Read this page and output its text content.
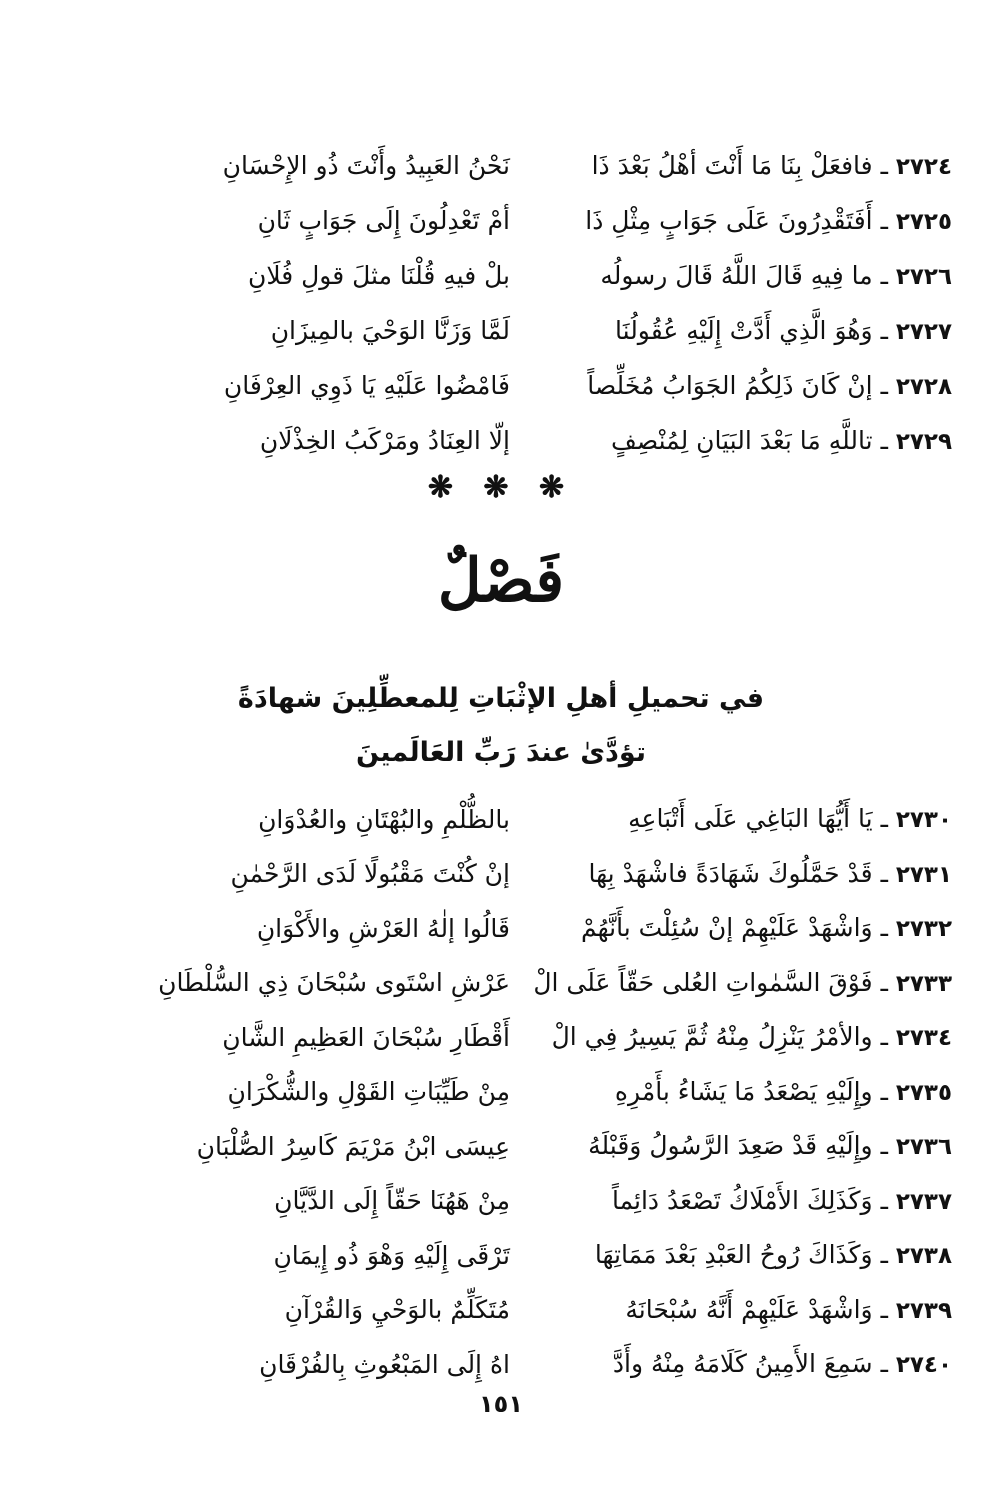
٢٧٢٤ ـ فافعَلْ بِنَا مَا أَنْتَ أهْلُ بَعْدَ ذَا
نَحْنُ العَبِيدُ وأَنْتَ ذُو الإِحْسَانِ
٢٧٢٥ ـ أَفَتَقْدِرُونَ عَلَى جَوَابٍ مِثْلِ ذَا
أمْ تَعْدِلُونَ إِلَى جَوَابٍ ثَانِ
٢٧٢٦ ـ ما فِيهِ قَالَ اللَّهُ قَالَ رسولُه
بلْ فيهِ قُلْنَا مثلَ قولِ فُلَانِ
٢٧٢٧ ـ وَهُوَ الَّذِي أَدَّتْ إِلَيْهِ عُقُولُنَا
لَمَّا وَزَنَّا الوَحْيَ بالمِيزَانِ
٢٧٢٨ ـ إنْ كَانَ ذَلِكُمُ الجَوَابُ مُخَلِّصاً
فَامْضُوا عَلَيْهِ يَا ذَوِي العِرْفَانِ
٢٧٢٩ ـ تاللَّهِ مَا بَعْدَ البَيَانِ لِمُنْصِفٍ
إلّا العِنَادُ ومَرْكَبُ الخِذْلَانِ
❋ ❋ ❋
فَصْلٌ
في تحميلِ أهلِ الإثْبَاتِ لِلمعطِّلِينَ شهادَةً
تؤدَّىٰ عندَ رَبِّ العَالَمينَ
٢٧٣٠ ـ يَا أَيُّهَا البَاغِي عَلَى أَتْبَاعِهِ
بالظُّلْمِ والبُهْتَانِ والعُدْوَانِ
٢٧٣١ ـ قَدْ حَمَّلُوكَ شَهَادَةً فاشْهَدْ بِهَا
إنْ كُنْتَ مَقْبُولًا لَدَى الرَّحْمٰنِ
٢٧٣٢ ـ وَاشْهَدْ عَلَيْهِمْ إنْ سُئِلْتَ بأَنَّهُمْ
قَالُوا إلٰهُ العَرْشِ والأَكْوَانِ
٢٧٣٣ ـ فَوْقَ السَّمٰواتِ العُلى حَقّاً عَلَى الْ
عَرْشِ اسْتَوى سُبْحَانَ ذِي السُّلْطَانِ
٢٧٣٤ ـ والأمْرُ يَنْزِلُ مِنْهُ ثُمَّ يَسِيرُ فِي الْ
أَقْطَارِ سُبْحَانَ العَظِيمِ الشَّانِ
٢٧٣٥ ـ وإِلَيْهِ يَصْعَدُ مَا يَشَاءُ بأَمْرِهِ
مِنْ طَيِّبَاتِ القَوْلِ والشُّكْرَانِ
٢٧٣٦ ـ وإِلَيْهِ قَدْ صَعِدَ الرَّسُولُ وَقَبْلَهُ
عِيسَى ابْنُ مَرْيَمَ كَاسِرُ الصُّلْبَانِ
٢٧٣٧ ـ وَكَذَلِكَ الأَمْلَاكُ تَصْعَدُ دَائِماً
مِنْ هَهُنَا حَقّاً إِلَى الدَّيَّانِ
٢٧٣٨ ـ وَكَذَاكَ رُوحُ العَبْدِ بَعْدَ مَمَاتِهَا
تَرْقَى إِلَيْهِ وَهْوَ ذُو إِيمَانِ
٢٧٣٩ ـ وَاشْهَدْ عَلَيْهِمْ أَنَّهُ سُبْحَانَهُ
مُتَكَلِّمٌ بالوَحْيِ وَالقُرْآنِ
٢٧٤٠ ـ سَمِعَ الأَمِينُ كَلَامَهُ مِنْهُ وأَدَّ
اهُ إِلَى المَبْعُوثِ بِالفُرْقَانِ
١٥١
